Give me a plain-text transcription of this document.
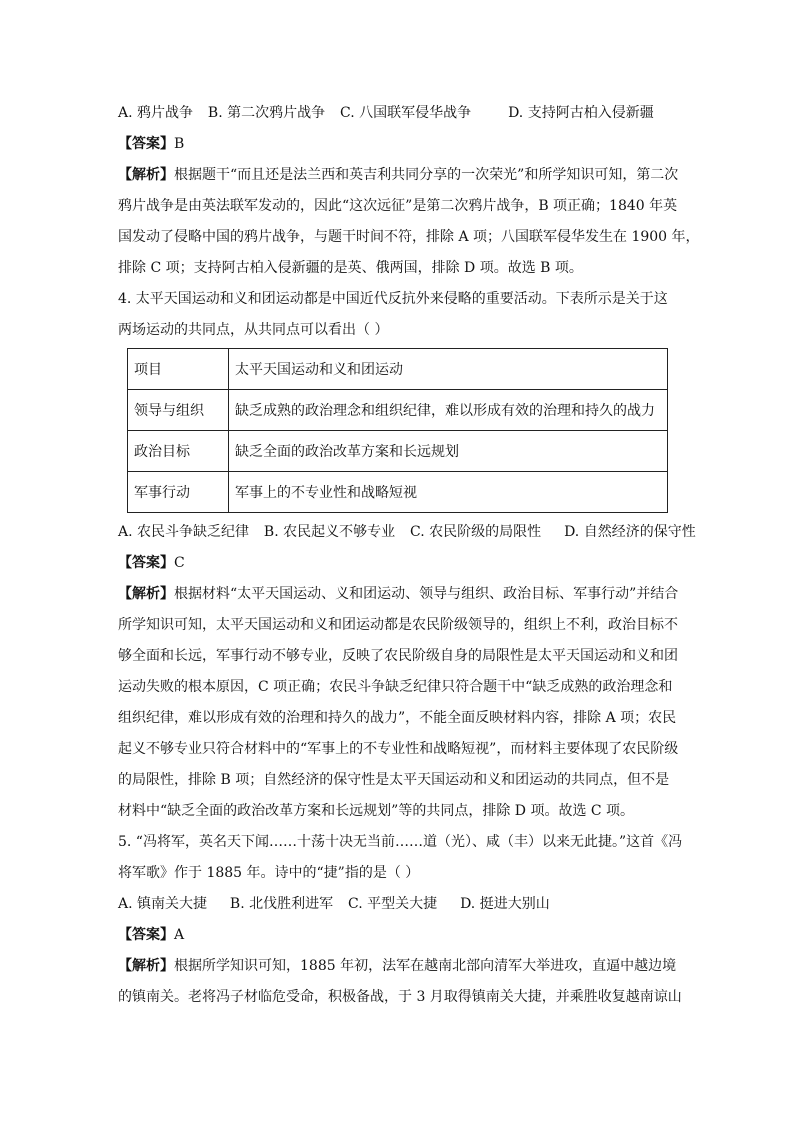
A. 鸦片战争 B. 第二次鸦片战争 C. 八国联军侵华战争	D. 支持阿古柏入侵新疆
【答案】B
【解析】根据题干“而且还是法兰西和英吉利共同分享的一次荣光”和所学知识可知，第二次
鸦片战争是由英法联军发动的，因此“这次远征”是第二次鸦片战争，B 项正确；1840 年英
国发动了侵略中国的鸦片战争，与题干时间不符，排除 A 项；八国联军侵华发生在 1900 年，
排除 C 项；支持阿古柏入侵新疆的是英、俄两国，排除 D 项。故选 B 项。
4. 太平天国运动和义和团运动都是中国近代反抗外来侵略的重要活动。下表所示是关于这
两场运动的共同点，从共同点可以看出（ ）
项目	太平天国运动和义和团运动
领导与组织	缺乏成熟的政治理念和组织纪律，难以形成有效的治理和持久的战力
政治目标	缺乏全面的政治改革方案和长远规划
军事行动	军事上的不专业性和战略短视
A. 农民斗争缺乏纪律 B. 农民起义不够专业 C. 农民阶级的局限性 D. 自然经济的保守性
【答案】C
【解析】根据材料“太平天国运动、义和团运动、领导与组织、政治目标、军事行动”并结合
所学知识可知，太平天国运动和义和团运动都是农民阶级领导的，组织上不利，政治目标不
够全面和长远，军事行动不够专业，反映了农民阶级自身的局限性是太平天国运动和义和团
运动失败的根本原因，C 项正确；农民斗争缺乏纪律只符合题干中“缺乏成熟的政治理念和
组织纪律，难以形成有效的治理和持久的战力”，不能全面反映材料内容，排除 A 项；农民
起义不够专业只符合材料中的“军事上的不专业性和战略短视”，而材料主要体现了农民阶级
的局限性，排除 B 项；自然经济的保守性是太平天国运动和义和团运动的共同点，但不是
材料中“缺乏全面的政治改革方案和长远规划”等的共同点，排除 D 项。故选 C 项。
5. “冯将军，英名天下闻……十荡十决无当前……道（光）、咸（丰）以来无此捷。”这首《冯
将军歌》作于 1885 年。诗中的“捷”指的是（ ）
A. 镇南关大捷 B. 北伐胜利进军 C. 平型关大捷 D. 挺进大别山
【答案】A
【解析】根据所学知识可知，1885 年初，法军在越南北部向清军大举进攻，直逼中越边境
的镇南关。老将冯子材临危受命，积极备战，于 3 月取得镇南关大捷，并乘胜收复越南谅山
